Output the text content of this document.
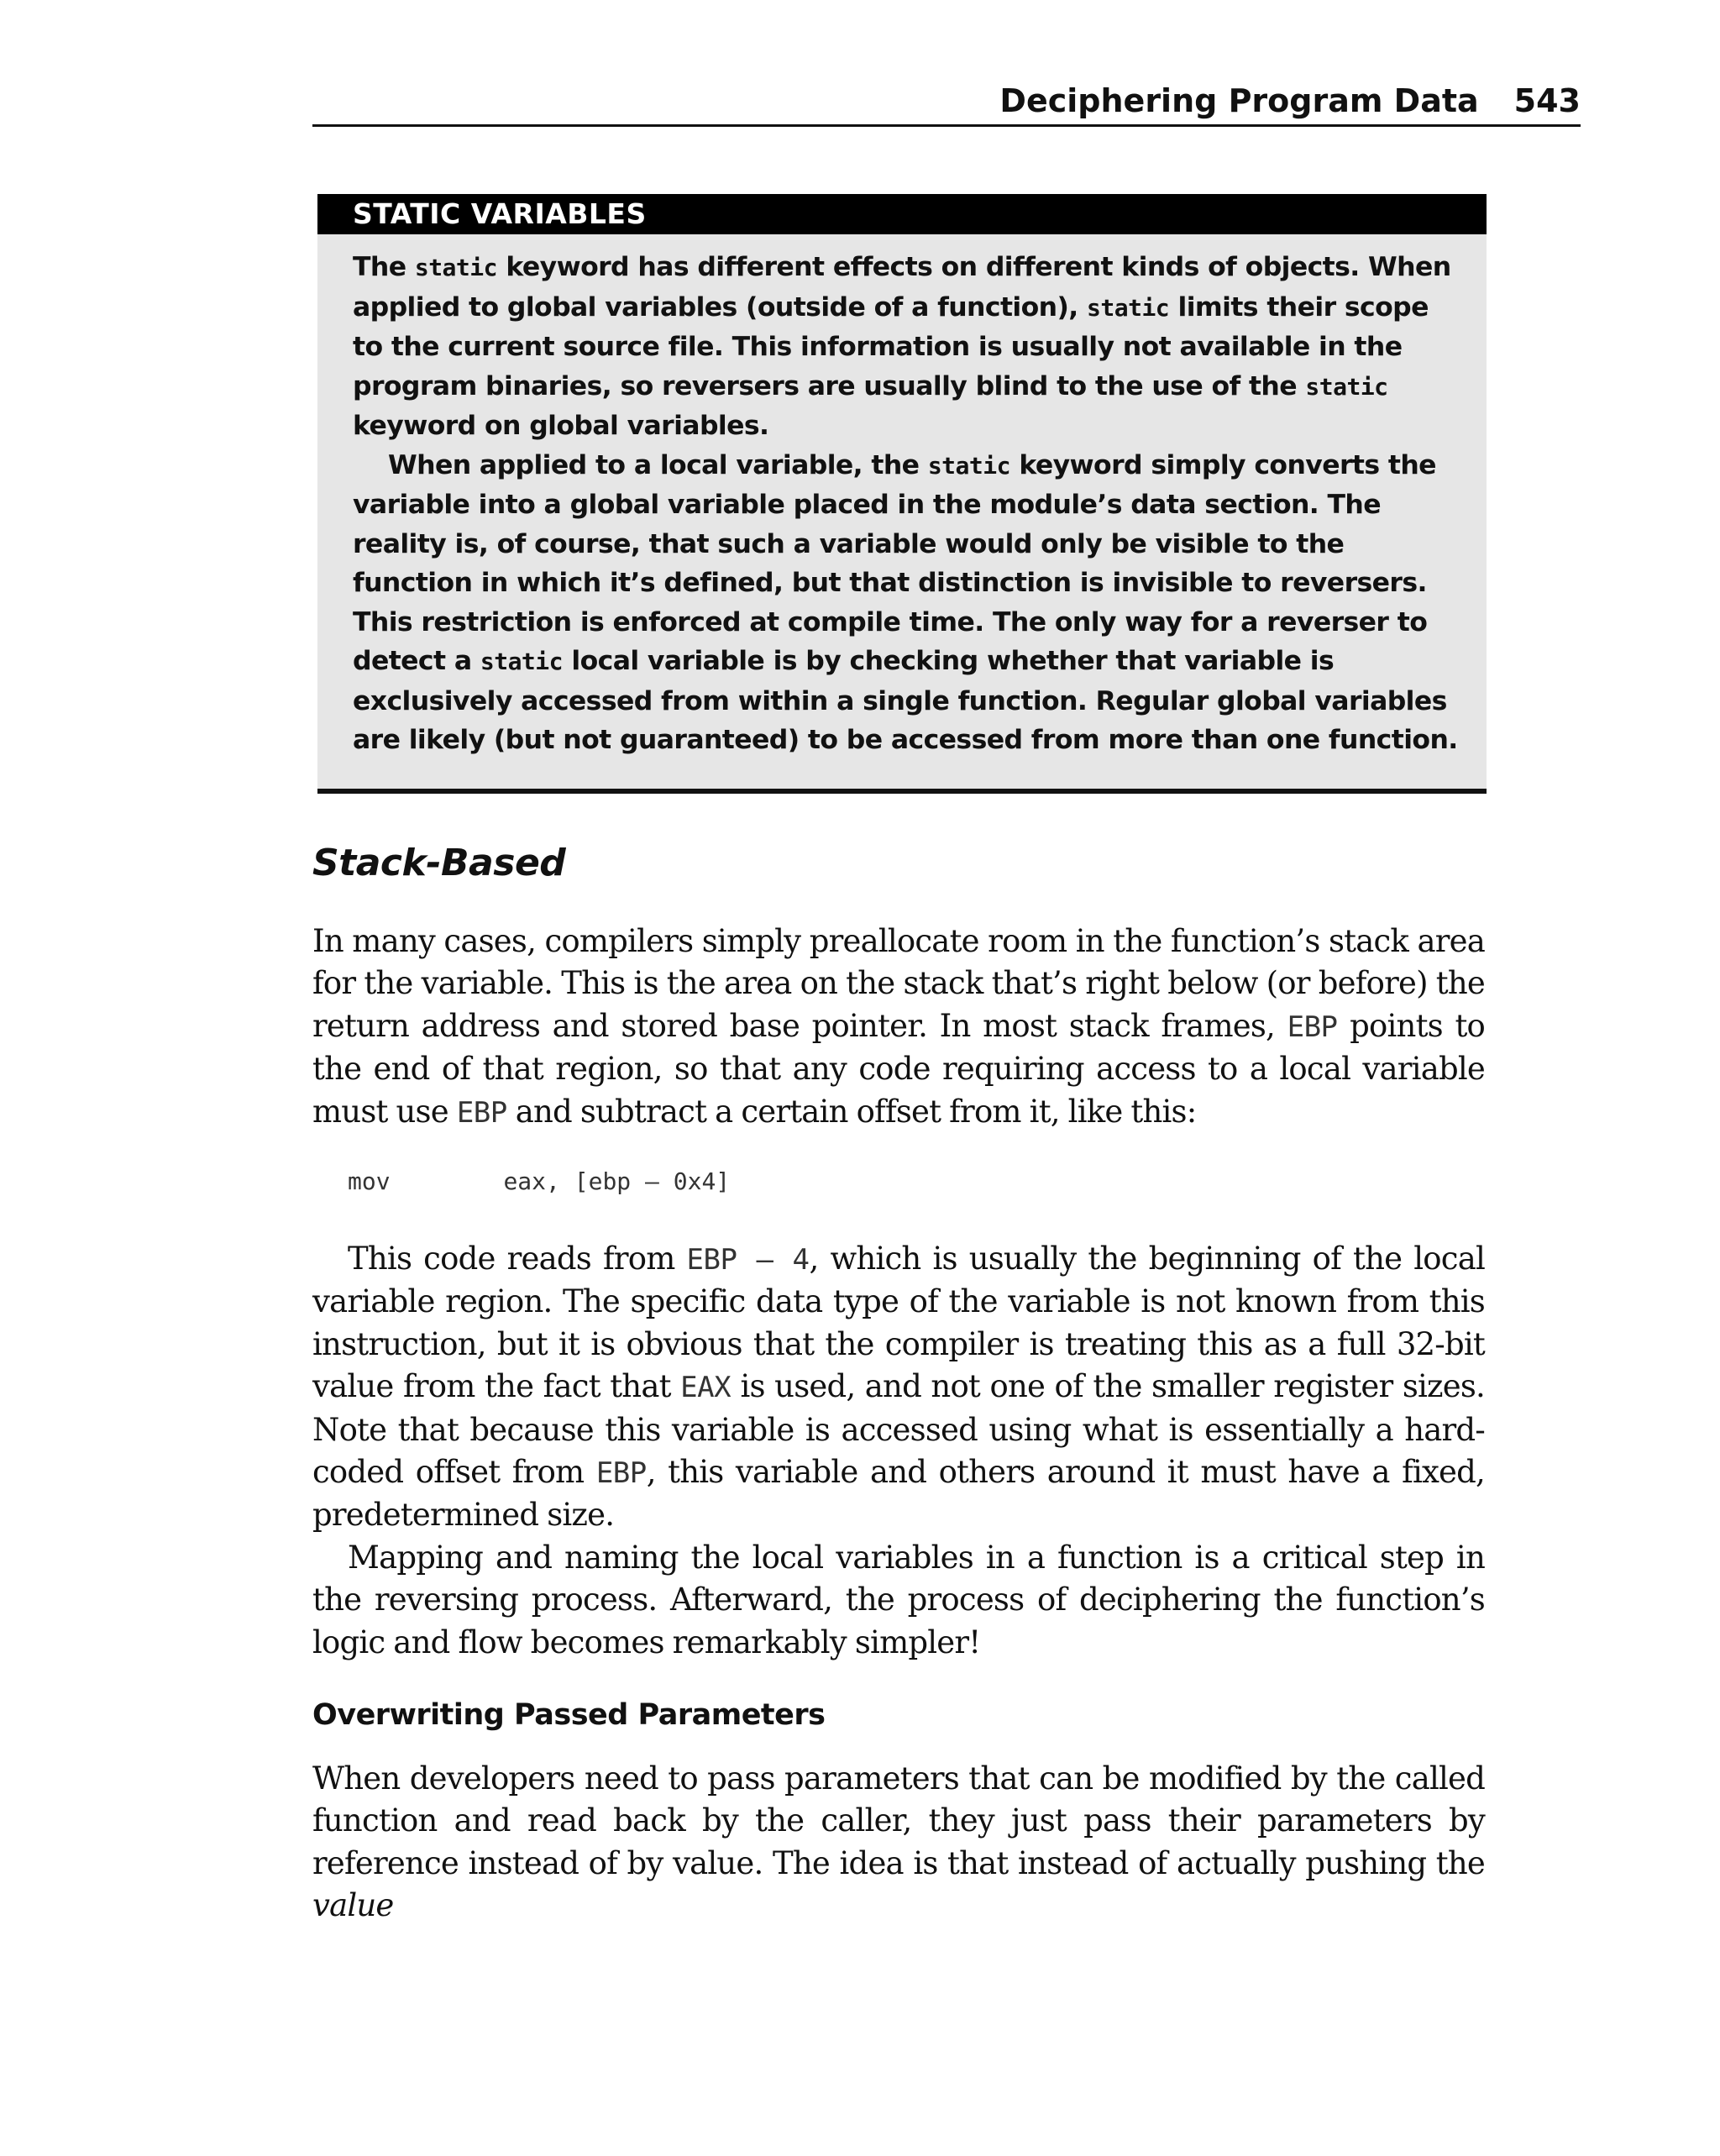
Deciphering Program Data 543
STATIC VARIABLES

The static keyword has different effects on different kinds of objects. When applied to global variables (outside of a function), static limits their scope to the current source file. This information is usually not available in the program binaries, so reversers are usually blind to the use of the static keyword on global variables.

When applied to a local variable, the static keyword simply converts the variable into a global variable placed in the module’s data section. The reality is, of course, that such a variable would only be visible to the function in which it’s defined, but that distinction is invisible to reversers. This restriction is enforced at compile time. The only way for a reverser to detect a static local variable is by checking whether that variable is exclusively accessed from within a single function. Regular global variables are likely (but not guaranteed) to be accessed from more than one function.

Stack-Based

In many cases, compilers simply preallocate room in the function’s stack area for the variable. This is the area on the stack that’s right below (or before) the return address and stored base pointer. In most stack frames, EBP points to the end of that region, so that any code requiring access to a local variable must use EBP and subtract a certain offset from it, like this:

mov	eax, [ebp – 0x4]

This code reads from EBP – 4, which is usually the beginning of the local variable region. The specific data type of the variable is not known from this instruction, but it is obvious that the compiler is treating this as a full 32-bit value from the fact that EAX is used, and not one of the smaller register sizes. Note that because this variable is accessed using what is essentially a hard-coded offset from EBP, this variable and others around it must have a fixed, predetermined size.

Mapping and naming the local variables in a function is a critical step in the reversing process. Afterward, the process of deciphering the function’s logic and flow becomes remarkably simpler!

Overwriting Passed Parameters

When developers need to pass parameters that can be modified by the called function and read back by the caller, they just pass their parameters by reference instead of by value. The idea is that instead of actually pushing the value
